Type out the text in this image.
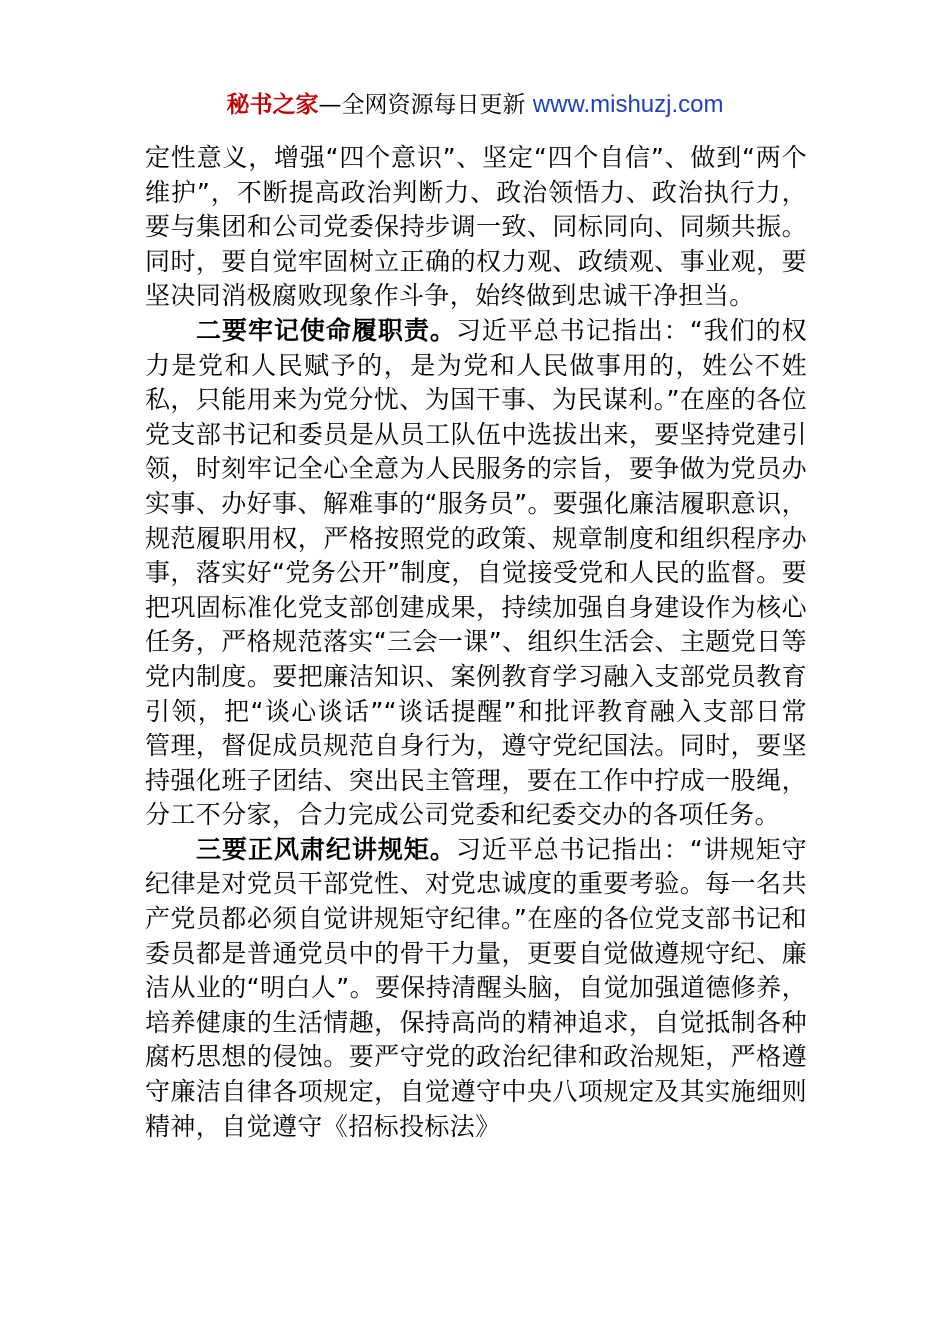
秘书之家—全网资源每日更新 www.mishuzj.com

定性意义，增强“四个意识”、坚定“四个自信”、做到“两个维护”，不断提高政治判断力、政治领悟力、政治执行力，要与集团和公司党委保持步调一致、同标同向、同频共振。同时，要自觉牢固树立正确的权力观、政绩观、事业观，要坚决同消极腐败现象作斗争，始终做到忠诚干净担当。

二要牢记使命履职责。习近平总书记指出：“我们的权力是党和人民赋予的，是为党和人民做事用的，姓公不姓私，只能用来为党分忧、为国干事、为民谋利。”在座的各位党支部书记和委员是从员工队伍中选拔出来，要坚持党建引领，时刻牢记全心全意为人民服务的宗旨，要争做为党员办实事、办好事、解难事的“服务员”。要强化廉洁履职意识，规范履职用权，严格按照党的政策、规章制度和组织程序办事，落实好“党务公开”制度，自觉接受党和人民的监督。要把巩固标准化党支部创建成果，持续加强自身建设作为核心任务，严格规范落实“三会一课”、组织生活会、主题党日等党内制度。要把廉洁知识、案例教育学习融入支部党员教育引领，把“谈心谈话”“谈话提醒”和批评教育融入支部日常管理，督促成员规范自身行为，遵守党纪国法。同时，要坚持强化班子团结、突出民主管理，要在工作中拧成一股绳，分工不分家，合力完成公司党委和纪委交办的各项任务。

三要正风肃纪讲规矩。习近平总书记指出：“讲规矩守纪律是对党员干部党性、对党忠诚度的重要考验。每一名共产党员都必须自觉讲规矩守纪律。”在座的各位党支部书记和委员都是普通党员中的骨干力量，更要自觉做遵规守纪、廉洁从业的“明白人”。要保持清醒头脑，自觉加强道德修养，培养健康的生活情趣，保持高尚的精神追求，自觉抵制各种腐朽思想的侵蚀。要严守党的政治纪律和政治规矩，严格遵守廉洁自律各项规定，自觉遵守中央八项规定及其实施细则精神，自觉遵守《招标投标法》
